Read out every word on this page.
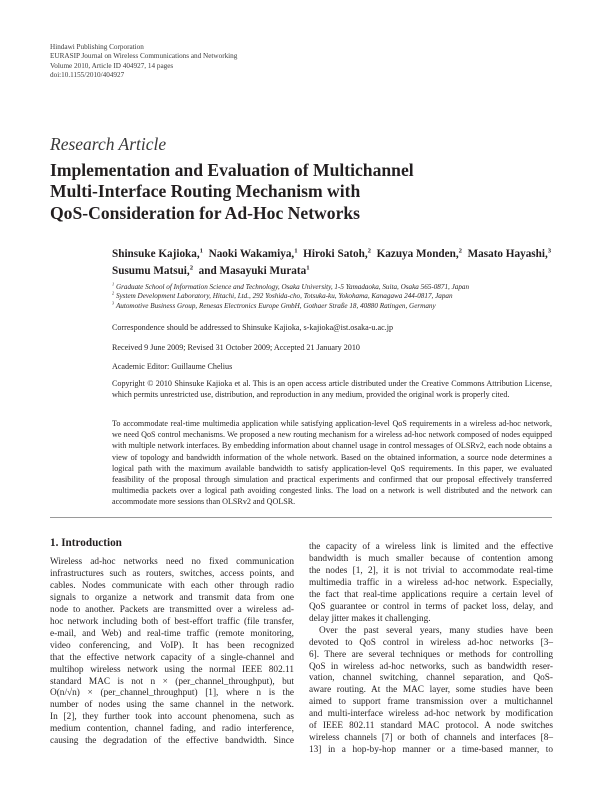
Hindawi Publishing Corporation
EURASIP Journal on Wireless Communications and Networking
Volume 2010, Article ID 404927, 14 pages
doi:10.1155/2010/404927
Research Article
Implementation and Evaluation of Multichannel
Multi-Interface Routing Mechanism with
QoS-Consideration for Ad-Hoc Networks
Shinsuke Kajioka,$^1$ Naoki Wakamiya,$^1$ Hiroki Satoh,$^2$ Kazuya Monden,$^2$ Masato Hayashi,$^3$
Susumu Matsui,$^2$ and Masayuki Murata$^1$
$^1$ Graduate School of Information Science and Technology, Osaka University, 1-5 Yamadaoka, Suita, Osaka 565-0871, Japan
$^2$ System Development Laboratory, Hitachi, Ltd., 292 Yoshida-cho, Totsuka-ku, Yokohama, Kanagawa 244-0817, Japan
$^3$ Automotive Business Group, Renesas Electronics Europe GmbH, Gothaer Straße 18, 40880 Ratingen, Germany
Correspondence should be addressed to Shinsuke Kajioka, s-kajioka@ist.osaka-u.ac.jp
Received 9 June 2009; Revised 31 October 2009; Accepted 21 January 2010
Academic Editor: Guillaume Chelius
Copyright © 2010 Shinsuke Kajioka et al. This is an open access article distributed under the Creative Commons Attribution License, which permits unrestricted use, distribution, and reproduction in any medium, provided the original work is properly cited.
To accommodate real-time multimedia application while satisfying application-level QoS requirements in a wireless ad-hoc network, we need QoS control mechanisms. We proposed a new routing mechanism for a wireless ad-hoc network composed of nodes equipped with multiple network interfaces. By embedding information about channel usage in control messages of OLSRv2, each node obtains a view of topology and bandwidth information of the whole network. Based on the obtained information, a source node determines a logical path with the maximum available bandwidth to satisfy application-level QoS requirements. In this paper, we evaluated feasibility of the proposal through simulation and practical experiments and confirmed that our proposal effectively transferred multimedia packets over a logical path avoiding congested links. The load on a network is well distributed and the network can accommodate more sessions than OLSRv2 and QOLSR.
1. Introduction
Wireless ad-hoc networks need no fixed communication
infrastructures such as routers, switches, access points, and
cables. Nodes communicate with each other through radio
signals to organize a network and transmit data from one
node to another. Packets are transmitted over a wireless ad-
hoc network including both of best-effort traffic (file transfer,
e-mail, and Web) and real-time traffic (remote monitoring,
video conferencing, and VoIP). It has been recognized
that the effective network capacity of a single-channel and
multihop wireless network using the normal IEEE 802.11
standard MAC is not n × (per_channel_throughput), but
O(n/√n) × (per_channel_throughput) [1], where n is the
number of nodes using the same channel in the network.
In [2], they further took into account phenomena, such as
medium contention, channel fading, and radio interference,
causing the degradation of the effective bandwidth. Since
the capacity of a wireless link is limited and the effective
bandwidth is much smaller because of contention among
the nodes [1, 2], it is not trivial to accommodate real-time
multimedia traffic in a wireless ad-hoc network. Especially,
the fact that real-time applications require a certain level of
QoS guarantee or control in terms of packet loss, delay, and
delay jitter makes it challenging.
Over the past several years, many studies have been
devoted to QoS control in wireless ad-hoc networks [3–
6]. There are several techniques or methods for controlling
QoS in wireless ad-hoc networks, such as bandwidth reser-
vation, channel switching, channel separation, and QoS-
aware routing. At the MAC layer, some studies have been
aimed to support frame transmission over a multichannel
and multi-interface wireless ad-hoc network by modification
of IEEE 802.11 standard MAC protocol. A node switches
wireless channels [7] or both of channels and interfaces [8–
13] in a hop-by-hop manner or a time-based manner, to
